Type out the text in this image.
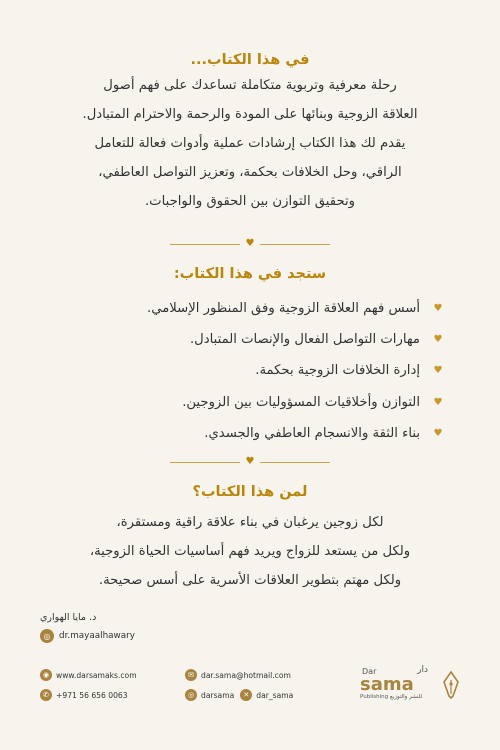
في هذا الكتاب...
رحلة معرفية وتربوية متكاملة تساعدك على فهم أصول
العلاقة الزوجية وبنائها على المودة والرحمة والاحترام المتبادل.
يقدم لك هذا الكتاب إرشادات عملية وأدوات فعالة للتعامل
الراقي، وحل الخلافات بحكمة، وتعزيز التواصل العاطفي،
وتحقيق التوازن بين الحقوق والواجبات.
♥
ستجد في هذا الكتاب:
♥
أسس فهم العلاقة الزوجية وفق المنظور الإسلامي.
♥
مهارات التواصل الفعال والإنصات المتبادل.
♥
إدارة الخلافات الزوجية بحكمة.
♥
التوازن وأخلاقيات المسؤوليات بين الزوجين.
♥
بناء الثقة والانسجام العاطفي والجسدي.
♥
لمن هذا الكتاب؟
لكل زوجين يرغبان في بناء علاقة راقية ومستقرة،
ولكل من يستعد للزواج ويريد فهم أساسيات الحياة الزوجية،
ولكل مهتم بتطوير العلاقات الأسرية على أسس صحيحة.
د. مايا الهواري
◎ dr.mayaalhawary
◉ www.darsamaks.com	✉ dar.sama@hotmail.com
✆ +971 56 656 0063	◎ darsama	✕ dar_sama
Dar	دار
sama
Publishing للنشر والتوزيع
